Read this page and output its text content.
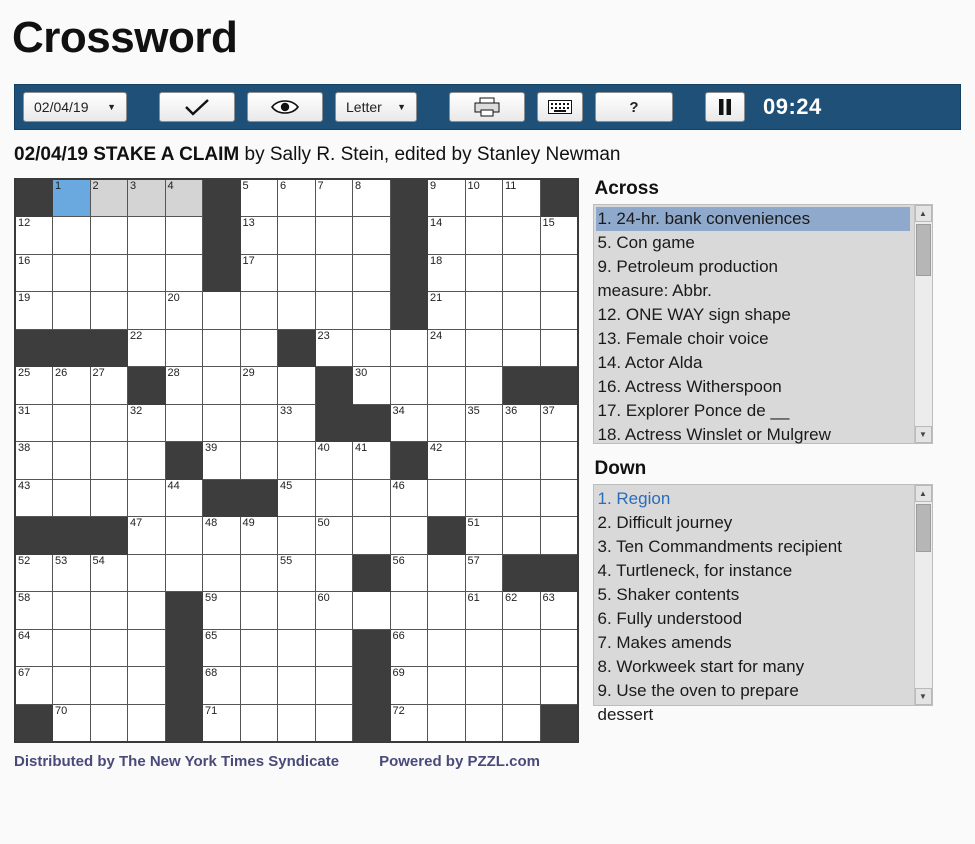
Crossword
02/04/19 ▼	Letter ▼	?	09:24
02/04/19 STAKE A CLAIM by Sally R. Stein, edited by Stanley Newman

	1	2	3	4		5	6	7	8		9	10	11	

12						13					14			15

16						17					18			

19				20							21			

			22					23			24			

25	26	27		28		29			30					

31			32				33			34		35	36	37

38					39			40	41		42			

43				44			45			46				

			47		48	49		50				51		

52	53	54					55			56		57		

58					59			60				61	62	63

64					65					66				

67					68					69				

	70				71					72				

Across
1. 24-hr. bank conveniences
5. Con game
9. Petroleum production
measure: Abbr.
12. ONE WAY sign shape
13. Female choir voice
14. Actor Alda
16. Actress Witherspoon
17. Explorer Ponce de __
18. Actress Winslet or Mulgrew
▲
▼
Down
1. Region
2. Difficult journey
3. Ten Commandments recipient
4. Turtleneck, for instance
5. Shaker contents
6. Fully understood
7. Makes amends
8. Workweek start for many
9. Use the oven to prepare
dessert
▲
▼
Distributed by The New York Times Syndicate	Powered by PZZL.com
